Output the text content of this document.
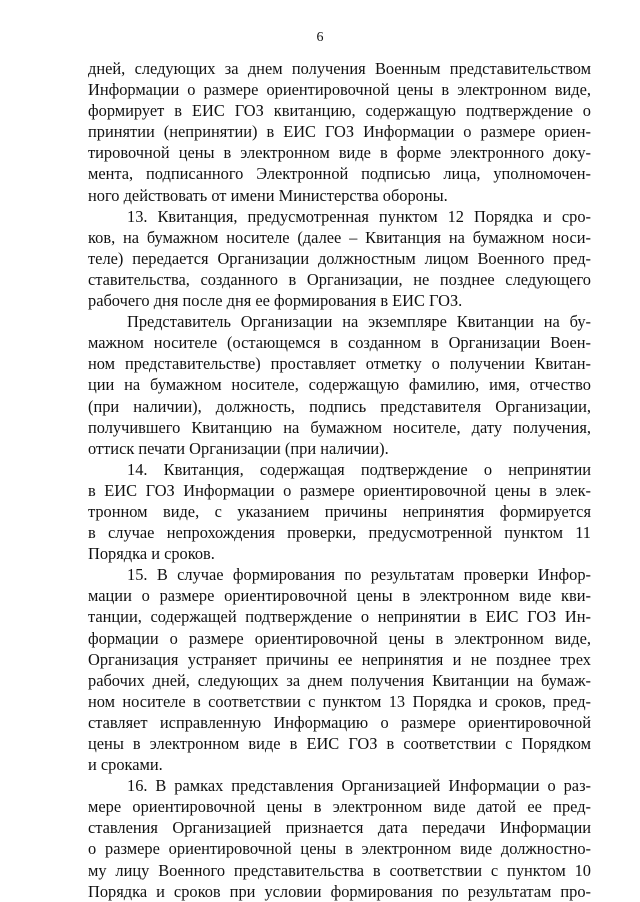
6
дней, следующих за днем получения Военным представительством
Информации о размере ориентировочной цены в электронном виде,
формирует в ЕИС ГОЗ квитанцию, содержащую подтверждение о
принятии (непринятии) в ЕИС ГОЗ Информации о размере ориен-
тировочной цены в электронном виде в форме электронного доку-
мента, подписанного Электронной подписью лица, уполномочен-
ного действовать от имени Министерства обороны.
13. Квитанция, предусмотренная пунктом 12 Порядка и сро-
ков, на бумажном носителе (далее – Квитанция на бумажном носи-
теле) передается Организации должностным лицом Военного пред-
ставительства, созданного в Организации, не позднее следующего
рабочего дня после дня ее формирования в ЕИС ГОЗ.
Представитель Организации на экземпляре Квитанции на бу-
мажном носителе (остающемся в созданном в Организации Воен-
ном представительстве) проставляет отметку о получении Квитан-
ции на бумажном носителе, содержащую фамилию, имя, отчество
(при наличии), должность, подпись представителя Организации,
получившего Квитанцию на бумажном носителе, дату получения,
оттиск печати Организации (при наличии).
14. Квитанция, содержащая подтверждение о непринятии
в ЕИС ГОЗ Информации о размере ориентировочной цены в элек-
тронном виде, с указанием причины непринятия формируется
в случае непрохождения проверки, предусмотренной пунктом 11
Порядка и сроков.
15. В случае формирования по результатам проверки Инфор-
мации о размере ориентировочной цены в электронном виде кви-
танции, содержащей подтверждение о непринятии в ЕИС ГОЗ Ин-
формации о размере ориентировочной цены в электронном виде,
Организация устраняет причины ее непринятия и не позднее трех
рабочих дней, следующих за днем получения Квитанции на бумаж-
ном носителе в соответствии с пунктом 13 Порядка и сроков, пред-
ставляет исправленную Информацию о размере ориентировочной
цены в электронном виде в ЕИС ГОЗ в соответствии с Порядком
и сроками.
16. В рамках представления Организацией Информации о раз-
мере ориентировочной цены в электронном виде датой ее пред-
ставления Организацией признается дата передачи Информации
о размере ориентировочной цены в электронном виде должностно-
му лицу Военного представительства в соответствии с пунктом 10
Порядка и сроков при условии формирования по результатам про-
